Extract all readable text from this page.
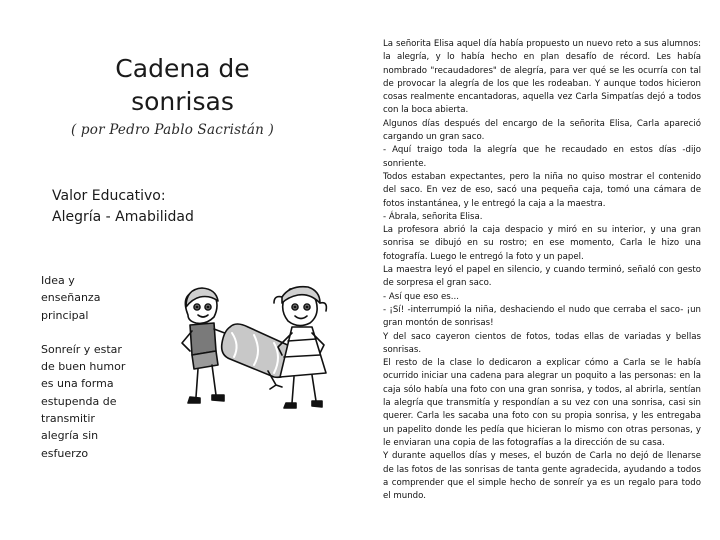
Cadena de
sonrisas
( por Pedro Pablo Sacristán )
Valor Educativo:
Alegría - Amabilidad

Idea y enseñanza principal

Sonreír y estar de buen humor es una forma estupenda de transmitir alegría sin esfuerzo

La señorita Elisa aquel día había propuesto un nuevo reto a sus alumnos: la alegría, y lo había hecho en plan desafío de récord. Les había nombrado "recaudadores" de alegría, para ver qué se les ocurría con tal de provocar la alegría de los que les rodeaban. Y aunque todos hicieron cosas realmente encantadoras, aquella vez Carla Simpatías dejó a todos con la boca abierta.

Algunos días después del encargo de la señorita Elisa, Carla apareció cargando un gran saco.

- Aquí traigo toda la alegría que he recaudado en estos días -dijo sonriente.

Todos estaban expectantes, pero la niña no quiso mostrar el contenido del saco. En vez de eso, sacó una pequeña caja, tomó una cámara de fotos instantánea, y le entregó la caja a la maestra.

- Ábrala, señorita Elisa.

La profesora abrió la caja despacio y miró en su interior, y una gran sonrisa se dibujó en su rostro; en ese momento, Carla le hizo una fotografía. Luego le entregó la foto y un papel.

La maestra leyó el papel en silencio, y cuando terminó, señaló con gesto de sorpresa el gran saco.

- Así que eso es...

- ¡Sí! -interrumpió la niña, deshaciendo el nudo que cerraba el saco- ¡un gran montón de sonrisas!

Y del saco cayeron cientos de fotos, todas ellas de variadas y bellas sonrisas.

El resto de la clase lo dedicaron a explicar cómo a Carla se le había ocurrido iniciar una cadena para alegrar un poquito a las personas: en la caja sólo había una foto con una gran sonrisa, y todos, al abrirla, sentían la alegría que transmitía y respondían a su vez con una sonrisa, casi sin querer. Carla les sacaba una foto con su propia sonrisa, y les entregaba un papelito donde les pedía que hicieran lo mismo con otras personas, y le enviaran una copia de las fotografías a la dirección de su casa.

Y durante aquellos días y meses, el buzón de Carla no dejó de llenarse de las fotos de las sonrisas de tanta gente agradecida, ayudando a todos a comprender que el simple hecho de sonreír ya es un regalo para todo el mundo.
